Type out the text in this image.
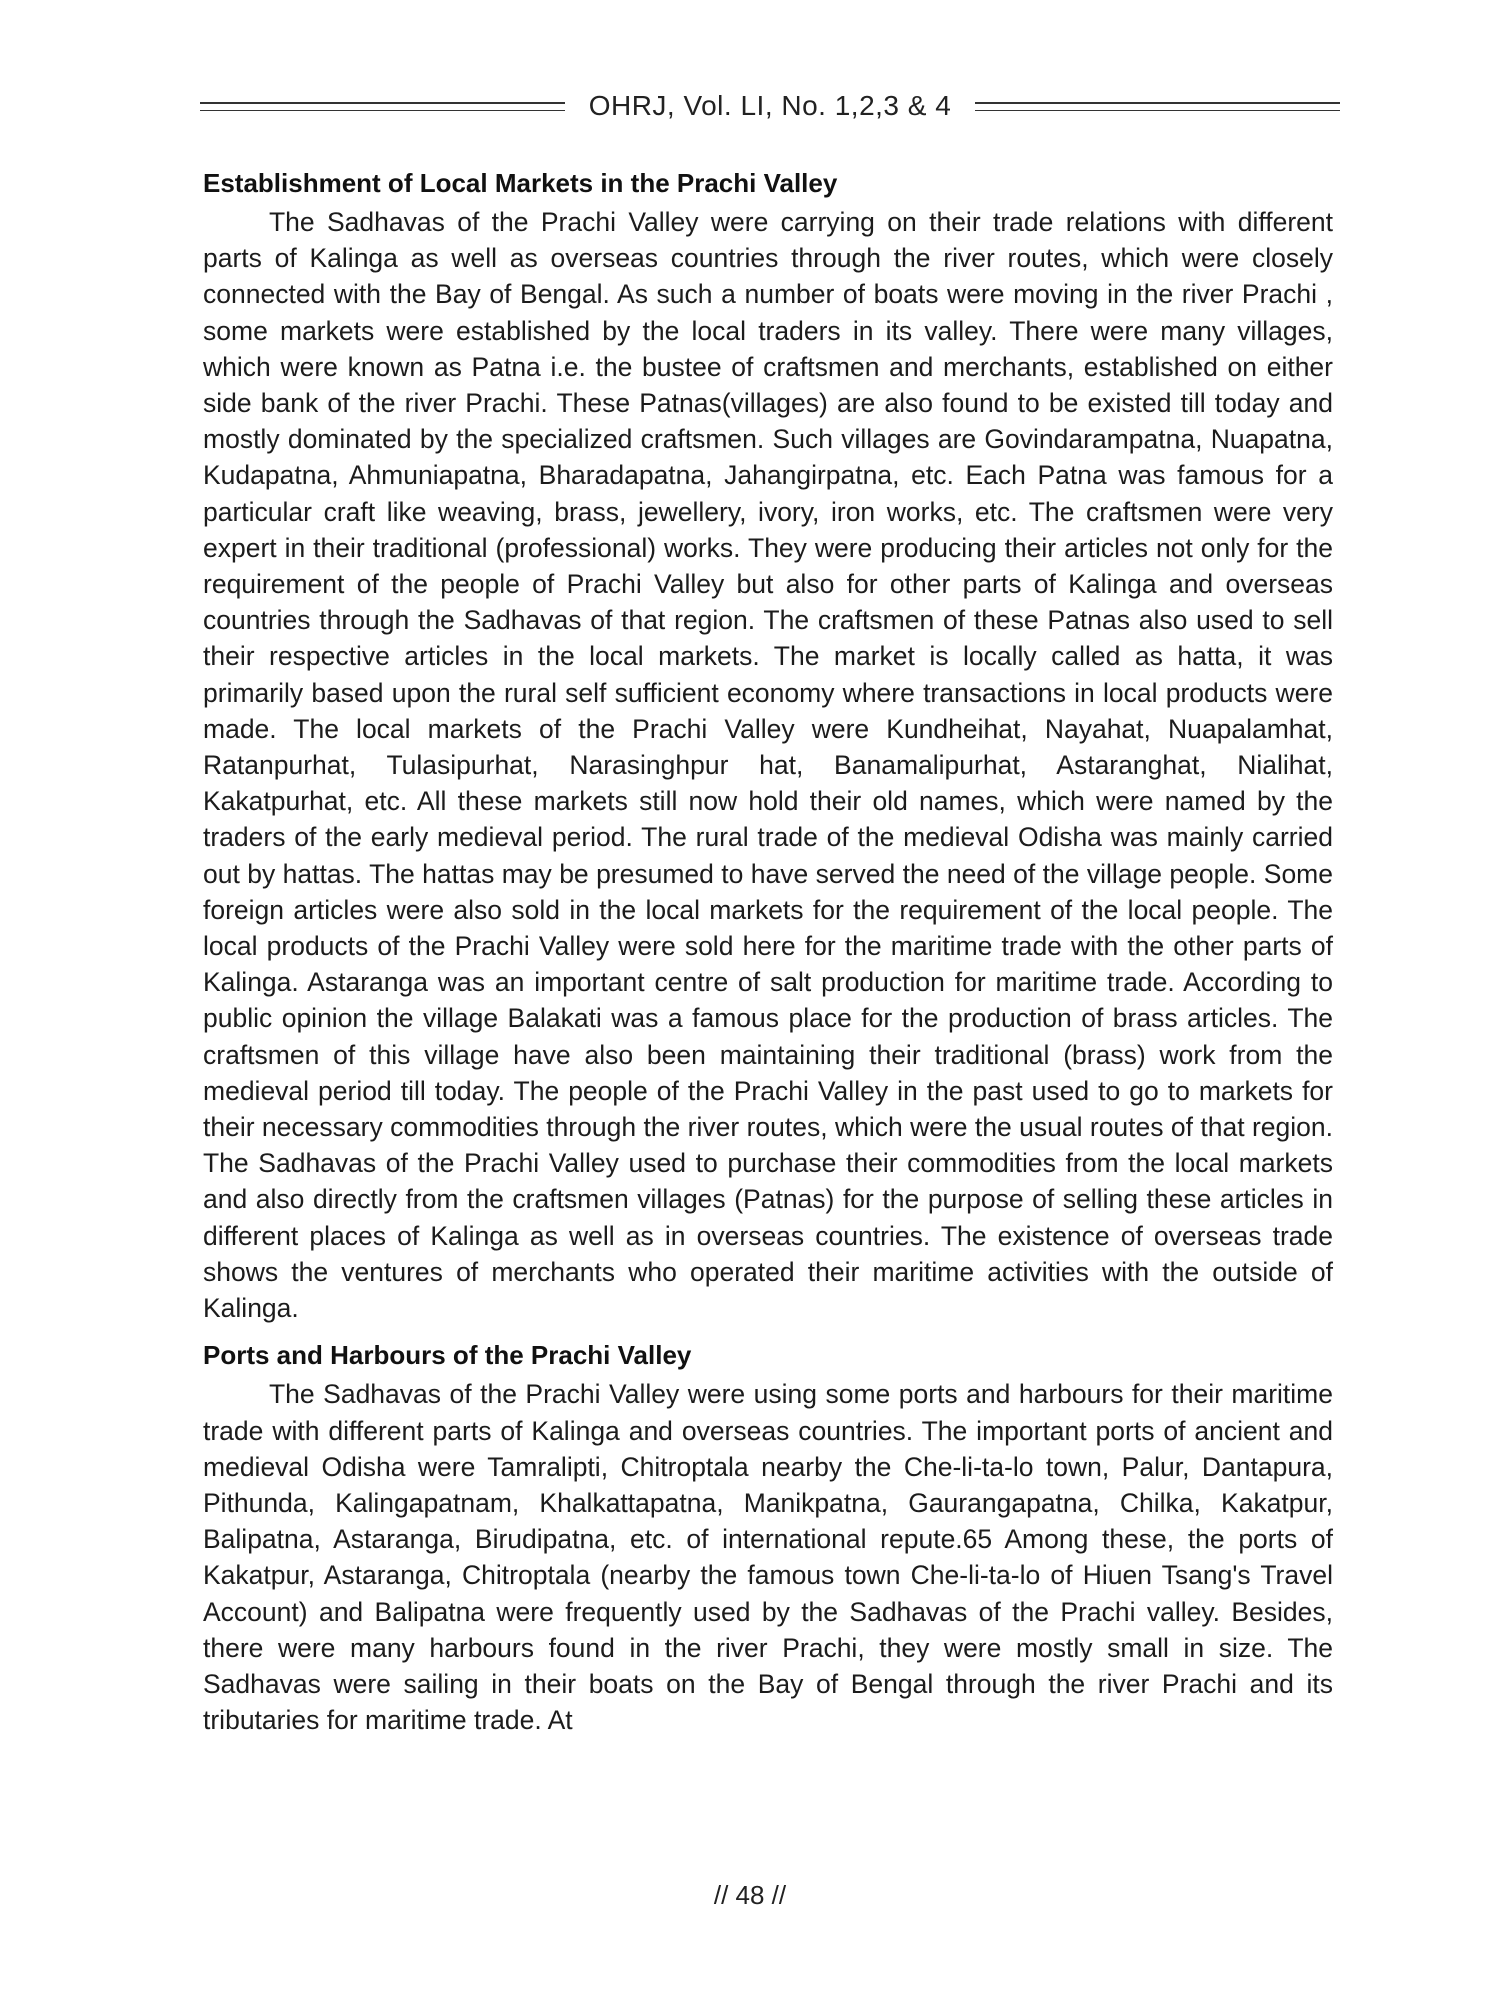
OHRJ, Vol. LI, No. 1,2,3 & 4
Establishment of Local Markets in the Prachi Valley

The Sadhavas of the Prachi Valley were carrying on their trade relations with different parts of Kalinga as well as overseas countries through the river routes, which were closely connected with the Bay of Bengal. As such a number of boats were moving in the river Prachi , some markets were established by the local traders in its valley. There were many villages, which were known as Patna i.e. the bustee of craftsmen and merchants, established on either side bank of the river Prachi. These Patnas(villages) are also found to be existed till today and mostly dominated by the specialized craftsmen. Such villages are Govindarampatna, Nuapatna, Kudapatna, Ahmuniapatna, Bharadapatna, Jahangirpatna, etc. Each Patna was famous for a particular craft like weaving, brass, jewellery, ivory, iron works, etc. The craftsmen were very expert in their traditional (professional) works. They were producing their articles not only for the requirement of the people of Prachi Valley but also for other parts of Kalinga and overseas countries through the Sadhavas of that region. The craftsmen of these Patnas also used to sell their respective articles in the local markets. The market is locally called as hatta, it was primarily based upon the rural self sufficient economy where transactions in local products were made. The local markets of the Prachi Valley were Kundheihat, Nayahat, Nuapalamhat, Ratanpurhat, Tulasipurhat, Narasinghpur hat, Banamalipurhat, Astaranghat, Nialihat, Kakatpurhat, etc. All these markets still now hold their old names, which were named by the traders of the early medieval period. The rural trade of the medieval Odisha was mainly carried out by hattas. The hattas may be presumed to have served the need of the village people. Some foreign articles were also sold in the local markets for the requirement of the local people. The local products of the Prachi Valley were sold here for the maritime trade with the other parts of Kalinga. Astaranga was an important centre of salt production for maritime trade. According to public opinion the village Balakati was a famous place for the production of brass articles. The craftsmen of this village have also been maintaining their traditional (brass) work from the medieval period till today. The people of the Prachi Valley in the past used to go to markets for their necessary commodities through the river routes, which were the usual routes of that region. The Sadhavas of the Prachi Valley used to purchase their commodities from the local markets and also directly from the craftsmen villages (Patnas) for the purpose of selling these articles in different places of Kalinga as well as in overseas countries. The existence of overseas trade shows the ventures of merchants who operated their maritime activities with the outside of Kalinga.

Ports and Harbours of the Prachi Valley

The Sadhavas of the Prachi Valley were using some ports and harbours for their maritime trade with different parts of Kalinga and overseas countries. The important ports of ancient and medieval Odisha were Tamralipti, Chitroptala nearby the Che-li-ta-lo town, Palur, Dantapura, Pithunda, Kalingapatnam, Khalkattapatna, Manikpatna, Gaurangapatna, Chilka, Kakatpur, Balipatna, Astaranga, Birudipatna, etc. of international repute.65 Among these, the ports of Kakatpur, Astaranga, Chitroptala (nearby the famous town Che-li-ta-lo of Hiuen Tsang's Travel Account) and Balipatna were frequently used by the Sadhavas of the Prachi valley. Besides, there were many harbours found in the river Prachi, they were mostly small in size. The Sadhavas were sailing in their boats on the Bay of Bengal through the river Prachi and its tributaries for maritime trade. At

// 48 //
